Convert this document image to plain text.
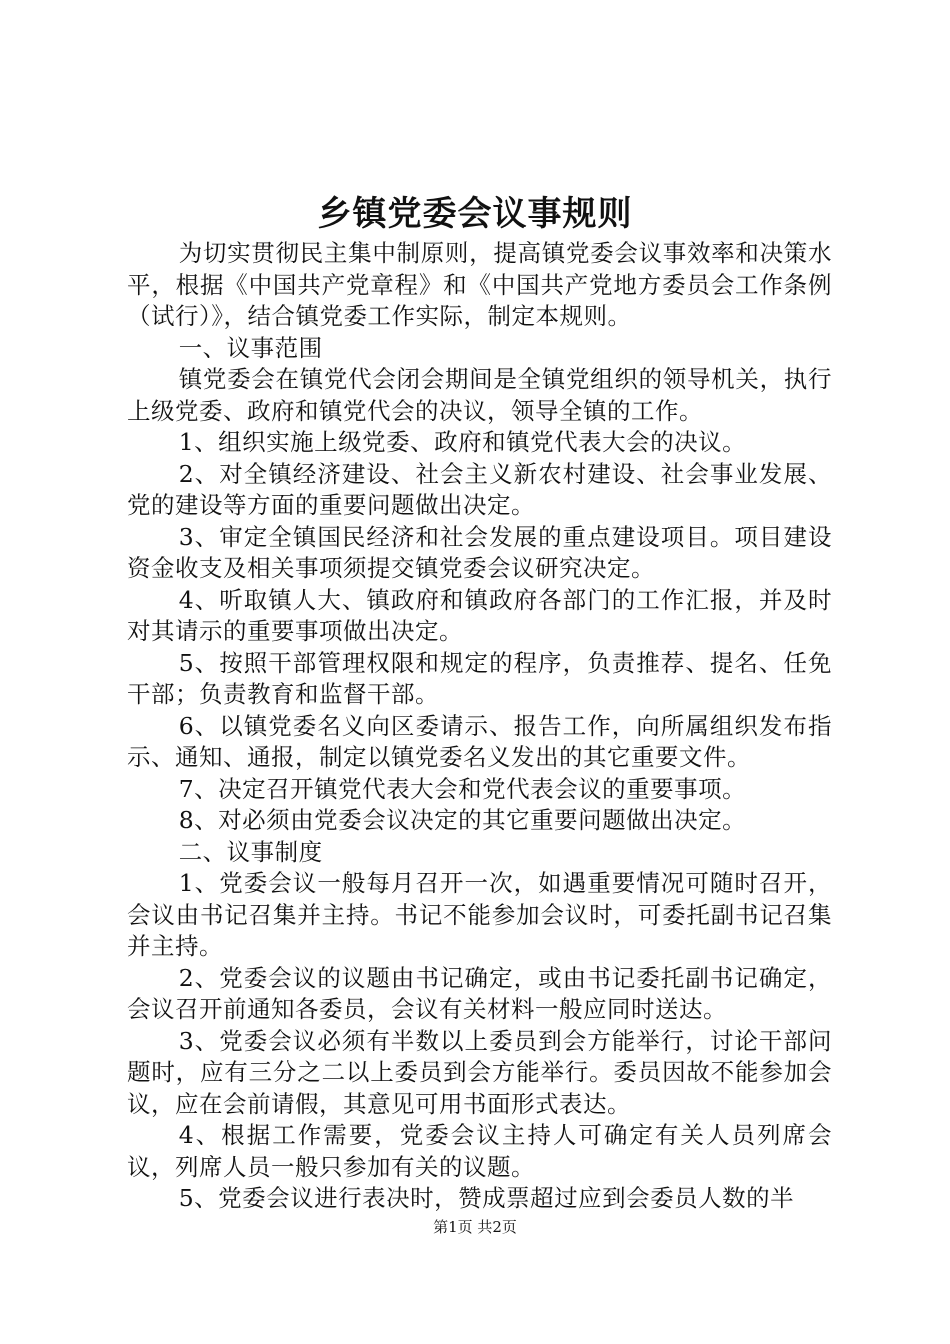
乡镇党委会议事规则

为切实贯彻民主集中制原则，提高镇党委会议事效率和决策水平，根据《中国共产党章程》和《中国共产党地方委员会工作条例（试行）》，结合镇党委工作实际，制定本规则。

一、议事范围

镇党委会在镇党代会闭会期间是全镇党组织的领导机关，执行上级党委、政府和镇党代会的决议，领导全镇的工作。

1、组织实施上级党委、政府和镇党代表大会的决议。

2、对全镇经济建设、社会主义新农村建设、社会事业发展、党的建设等方面的重要问题做出决定。

3、审定全镇国民经济和社会发展的重点建设项目。项目建设资金收支及相关事项须提交镇党委会议研究决定。

4、听取镇人大、镇政府和镇政府各部门的工作汇报，并及时对其请示的重要事项做出决定。

5、按照干部管理权限和规定的程序，负责推荐、提名、任免干部；负责教育和监督干部。

6、以镇党委名义向区委请示、报告工作，向所属组织发布指示、通知、通报，制定以镇党委名义发出的其它重要文件。

7、决定召开镇党代表大会和党代表会议的重要事项。

8、对必须由党委会议决定的其它重要问题做出决定。

二、议事制度

1、党委会议一般每月召开一次，如遇重要情况可随时召开，会议由书记召集并主持。书记不能参加会议时，可委托副书记召集并主持。

2、党委会议的议题由书记确定，或由书记委托副书记确定，会议召开前通知各委员，会议有关材料一般应同时送达。

3、党委会议必须有半数以上委员到会方能举行，讨论干部问题时，应有三分之二以上委员到会方能举行。委员因故不能参加会议，应在会前请假，其意见可用书面形式表达。

4、根据工作需要，党委会议主持人可确定有关人员列席会议，列席人员一般只参加有关的议题。

5、党委会议进行表决时，赞成票超过应到会委员人数的半

第1页 共2页
